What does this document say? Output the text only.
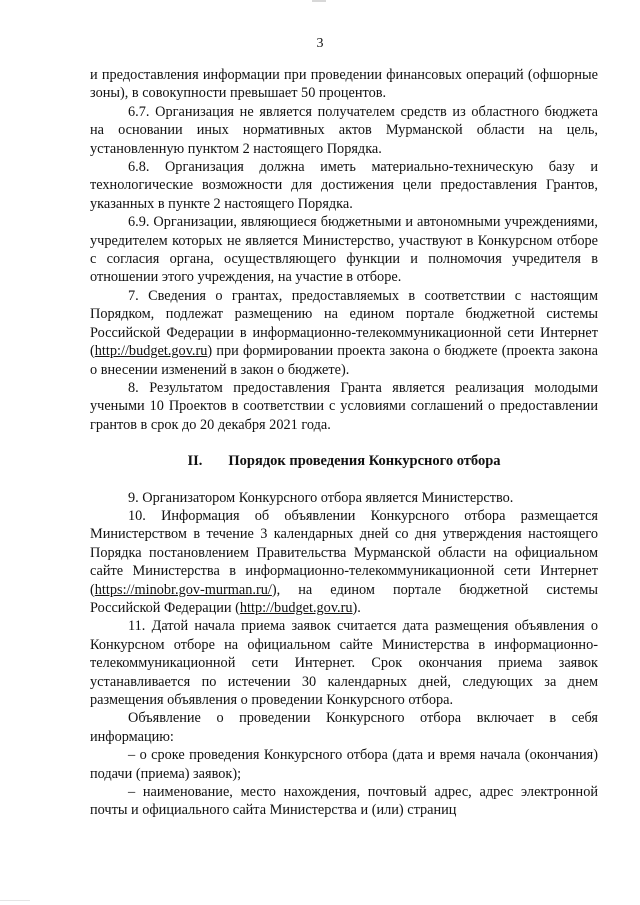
3

и предоставления информации при проведении финансовых операций (офшорные зоны), в совокупности превышает 50 процентов.

6.7. Организация не является получателем средств из областного бюджета на основании иных нормативных актов Мурманской области на цель, установленную пунктом 2 настоящего Порядка.

6.8. Организация должна иметь материально-техническую базу и технологические возможности для достижения цели предоставления Грантов, указанных в пункте 2 настоящего Порядка.

6.9. Организации, являющиеся бюджетными и автономными учреждениями, учредителем которых не является Министерство, участвуют в Конкурсном отборе с согласия органа, осуществляющего функции и полномочия учредителя в отношении этого учреждения, на участие в отборе.

7. Сведения о грантах, предоставляемых в соответствии с настоящим Порядком, подлежат размещению на едином портале бюджетной системы Российской Федерации в информационно-телекоммуникационной сети Интернет (http://budget.gov.ru) при формировании проекта закона о бюджете (проекта закона о внесении изменений в закон о бюджете).

8. Результатом предоставления Гранта является реализация молодыми учеными 10 Проектов в соответствии с условиями соглашений о предоставлении грантов в срок до 20 декабря 2021 года.

II. Порядок проведения Конкурсного отбора

9. Организатором Конкурсного отбора является Министерство.

10. Информация об объявлении Конкурсного отбора размещается Министерством в течение 3 календарных дней со дня утверждения настоящего Порядка постановлением Правительства Мурманской области на официальном сайте Министерства в информационно-телекоммуникационной сети Интернет (https://minobr.gov-murman.ru/), на едином портале бюджетной системы Российской Федерации (http://budget.gov.ru).

11. Датой начала приема заявок считается дата размещения объявления о Конкурсном отборе на официальном сайте Министерства в информационно-телекоммуникационной сети Интернет. Срок окончания приема заявок устанавливается по истечении 30 календарных дней, следующих за днем размещения объявления о проведении Конкурсного отбора.

Объявление о проведении Конкурсного отбора включает в себя информацию:

– о сроке проведения Конкурсного отбора (дата и время начала (окончания) подачи (приема) заявок);

– наименование, место нахождения, почтовый адрес, адрес электронной почты и официального сайта Министерства и (или) страниц
